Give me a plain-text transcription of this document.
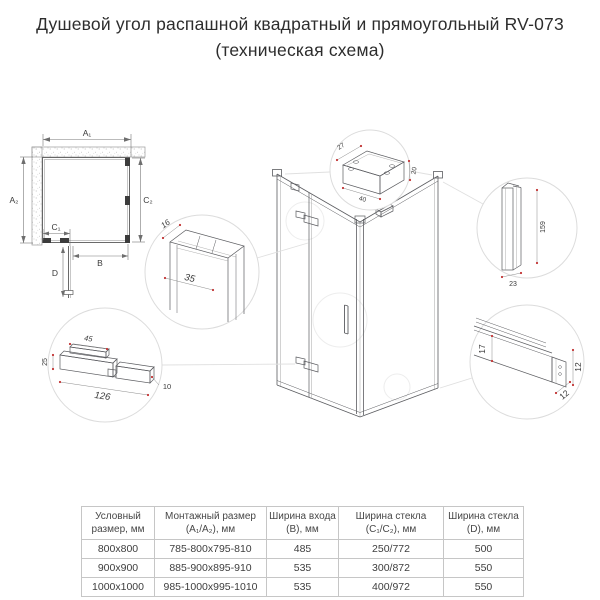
Душевой угол распашной квадратный и прямоугольный RV-073
(техническая схема)
A₁
A₂	C₂
C₁
B
D
27
20
40
159
23
16
35
45
25
126
10
17
12
12
Условный размер, мм	Монтажный размер (A₁/A₂), мм	Ширина входа (B), мм	Ширина стекла (C₁/C₂), мм	Ширина стекла (D), мм
800x800	785-800x795-810	485	250/772	500
900x900	885-900x895-910	535	300/872	550
1000x1000	985-1000x995-1010	535	400/972	550
